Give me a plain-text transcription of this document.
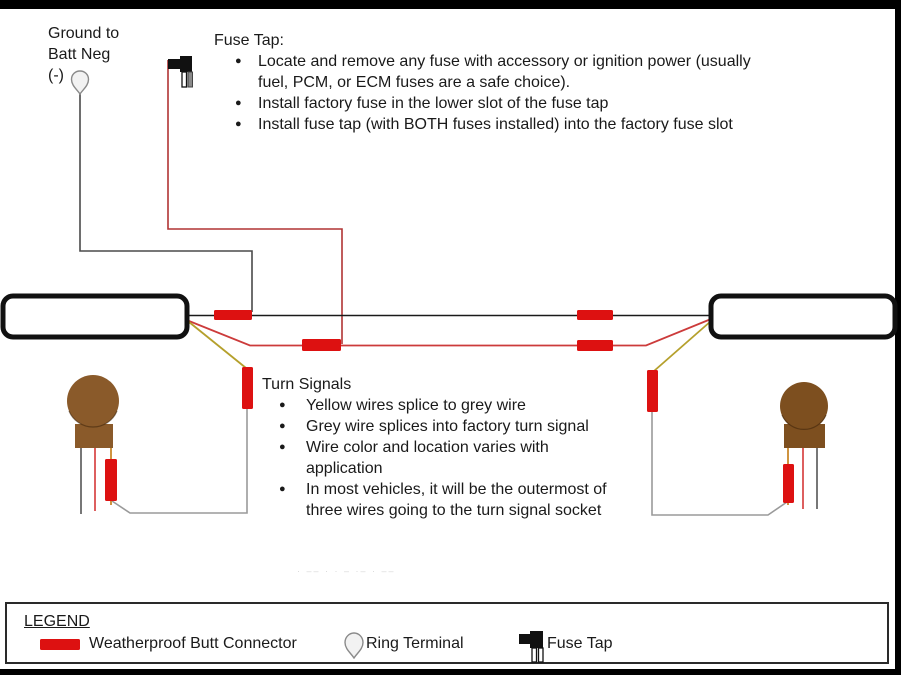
Ground to
Batt Neg
(-)
Fuse Tap:
●	Locate and remove any fuse with accessory or ignition power (usually
fuel, PCM, or ECM fuses are a safe choice).
●	Install factory fuse in the lower slot of the fuse tap
●	Install fuse tap (with BOTH fuses installed) into the factory fuse slot
Turn Signals
●	Yellow wires splice to grey wire
●	Grey wire splices into factory turn signal
●	Wire color and location varies with
application
●	In most vehicles, it will be the outermost of
three wires going to the turn signal socket
· –– · · – ·– · ––
LEGEND
Weatherproof Butt Connector	Ring Terminal	Fuse Tap
